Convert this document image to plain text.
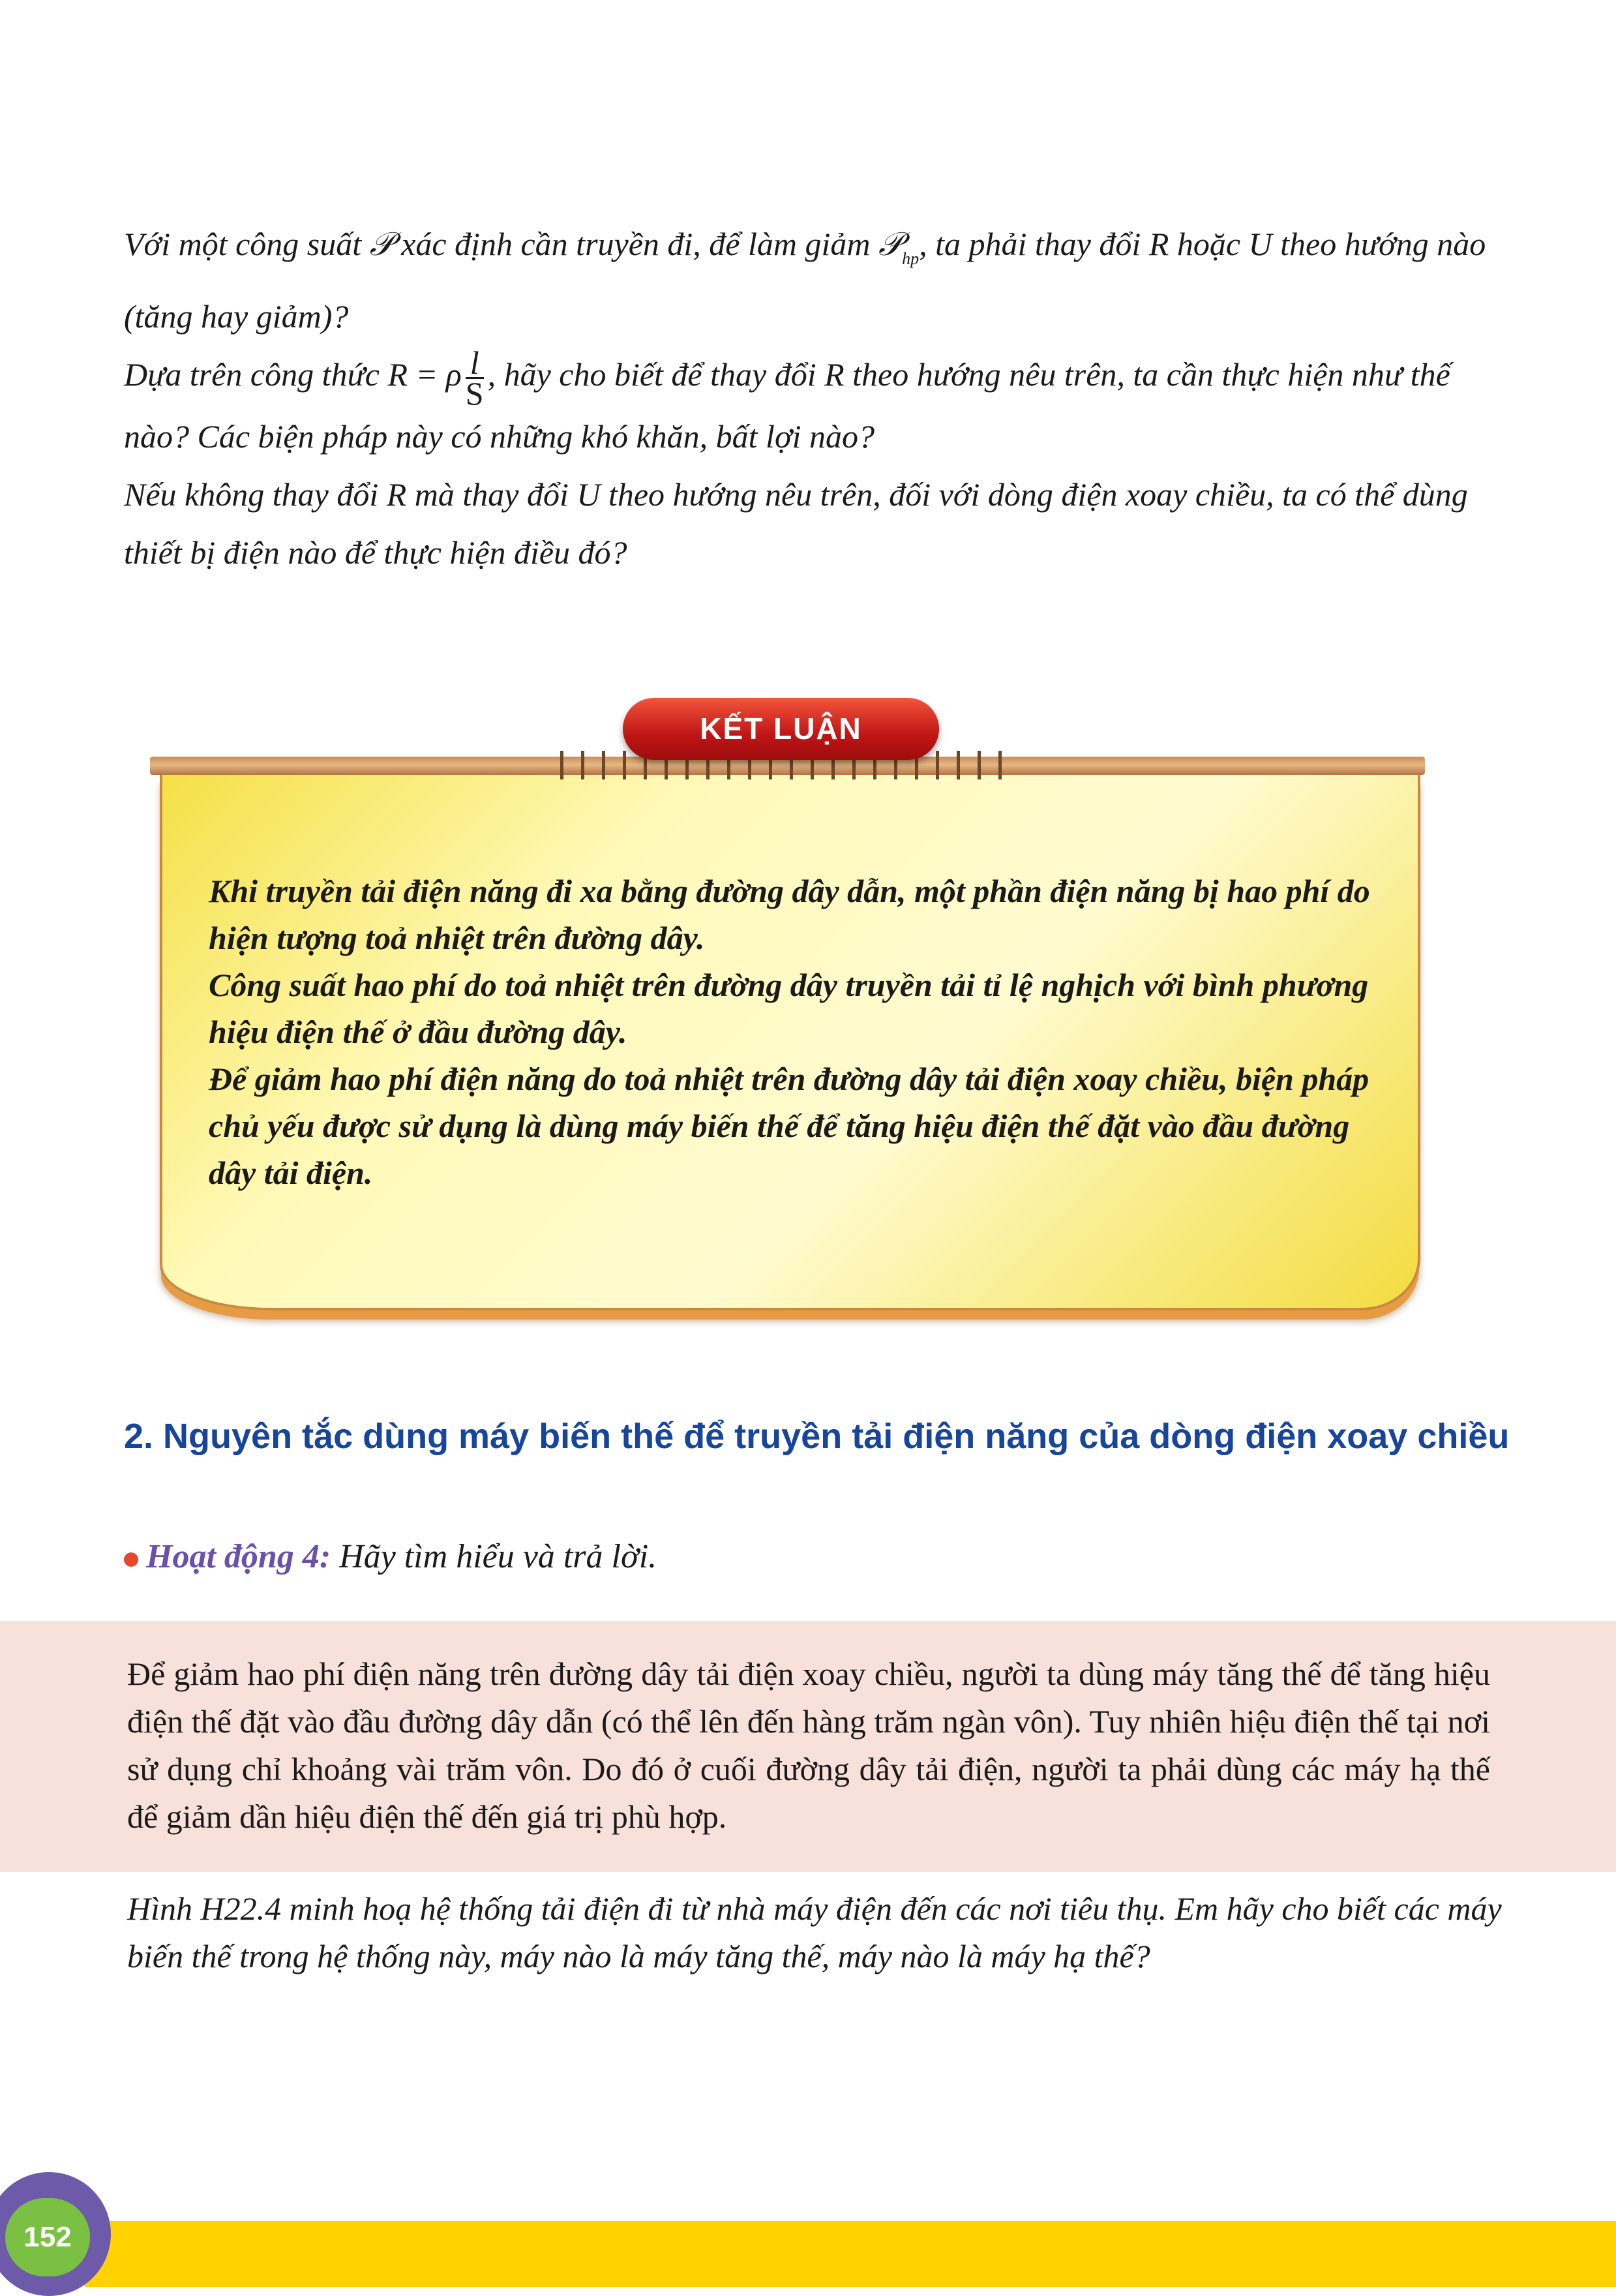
Với một công suất 𝒫 xác định cần truyền đi, để làm giảm 𝒫$_{hp}$, ta phải thay đổi R hoặc U theo hướng nào (tăng hay giảm)?

Dựa trên công thức R = ρ $\frac{l}{S}$ , hãy cho biết để thay đổi R theo hướng nêu trên, ta cần thực hiện như thế nào? Các biện pháp này có những khó khăn, bất lợi nào?

Nếu không thay đổi R mà thay đổi U theo hướng nêu trên, đối với dòng điện xoay chiều, ta có thể dùng thiết bị điện nào để thực hiện điều đó?

KẾT LUẬN

Khi truyền tải điện năng đi xa bằng đường dây dẫn, một phần điện năng bị hao phí do hiện tượng toả nhiệt trên đường dây.

Công suất hao phí do toả nhiệt trên đường dây truyền tải tỉ lệ nghịch với bình phương hiệu điện thế ở đầu đường dây.

Để giảm hao phí điện năng do toả nhiệt trên đường dây tải điện xoay chiều, biện pháp chủ yếu được sử dụng là dùng máy biến thế để tăng hiệu điện thế đặt vào đầu đường dây tải điện.

2. Nguyên tắc dùng máy biến thế để truyền tải điện năng của dòng điện xoay chiều
Hoạt động 4: Hãy tìm hiểu và trả lời.

Để giảm hao phí điện năng trên đường dây tải điện xoay chiều, người ta dùng máy tăng thế để tăng hiệu điện thế đặt vào đầu đường dây dẫn (có thể lên đến hàng trăm ngàn vôn). Tuy nhiên hiệu điện thế tại nơi sử dụng chỉ khoảng vài trăm vôn. Do đó ở cuối đường dây tải điện, người ta phải dùng các máy hạ thế để giảm dần hiệu điện thế đến giá trị phù hợp.

Hình H22.4 minh hoạ hệ thống tải điện đi từ nhà máy điện đến các nơi tiêu thụ. Em hãy cho biết các máy biến thế trong hệ thống này, máy nào là máy tăng thế, máy nào là máy hạ thế?

152
